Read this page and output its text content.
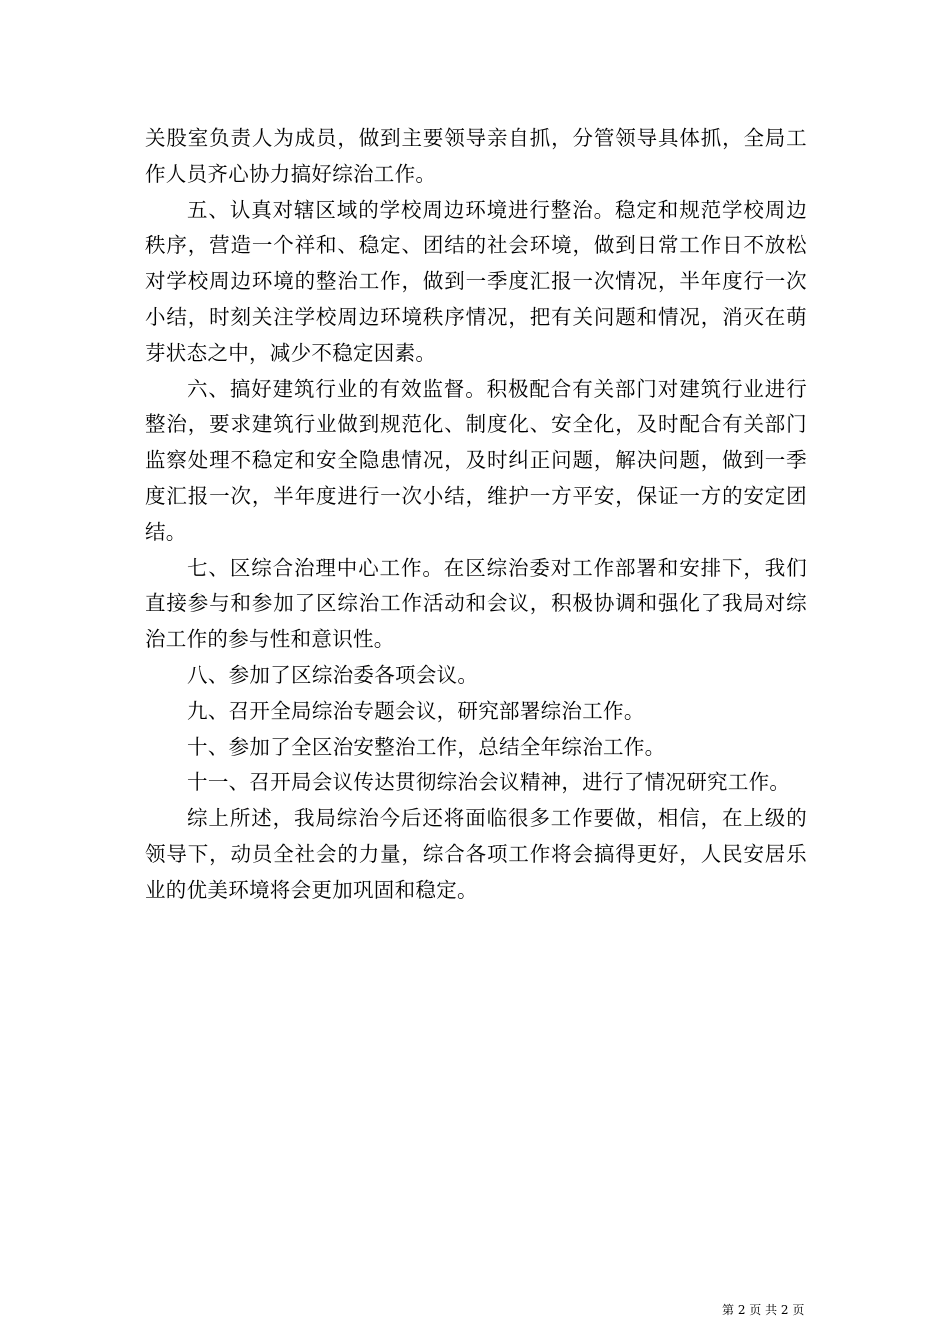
关股室负责人为成员，做到主要领导亲自抓，分管领导具体抓，全局工作人员齐心协力搞好综治工作。

五、认真对辖区域的学校周边环境进行整治。稳定和规范学校周边秩序，营造一个祥和、稳定、团结的社会环境，做到日常工作日不放松对学校周边环境的整治工作，做到一季度汇报一次情况，半年度行一次小结，时刻关注学校周边环境秩序情况，把有关问题和情况，消灭在萌芽状态之中，减少不稳定因素。

六、搞好建筑行业的有效监督。积极配合有关部门对建筑行业进行整治，要求建筑行业做到规范化、制度化、安全化，及时配合有关部门监察处理不稳定和安全隐患情况，及时纠正问题，解决问题，做到一季度汇报一次，半年度进行一次小结，维护一方平安，保证一方的安定团结。

七、区综合治理中心工作。在区综治委对工作部署和安排下，我们直接参与和参加了区综治工作活动和会议，积极协调和强化了我局对综治工作的参与性和意识性。

八、参加了区综治委各项会议。

九、召开全局综治专题会议，研究部署综治工作。

十、参加了全区治安整治工作，总结全年综治工作。

十一、召开局会议传达贯彻综治会议精神，进行了情况研究工作。

综上所述，我局综治今后还将面临很多工作要做，相信，在上级的领导下，动员全社会的力量，综合各项工作将会搞得更好，人民安居乐业的优美环境将会更加巩固和稳定。

第 2 页 共 2 页
